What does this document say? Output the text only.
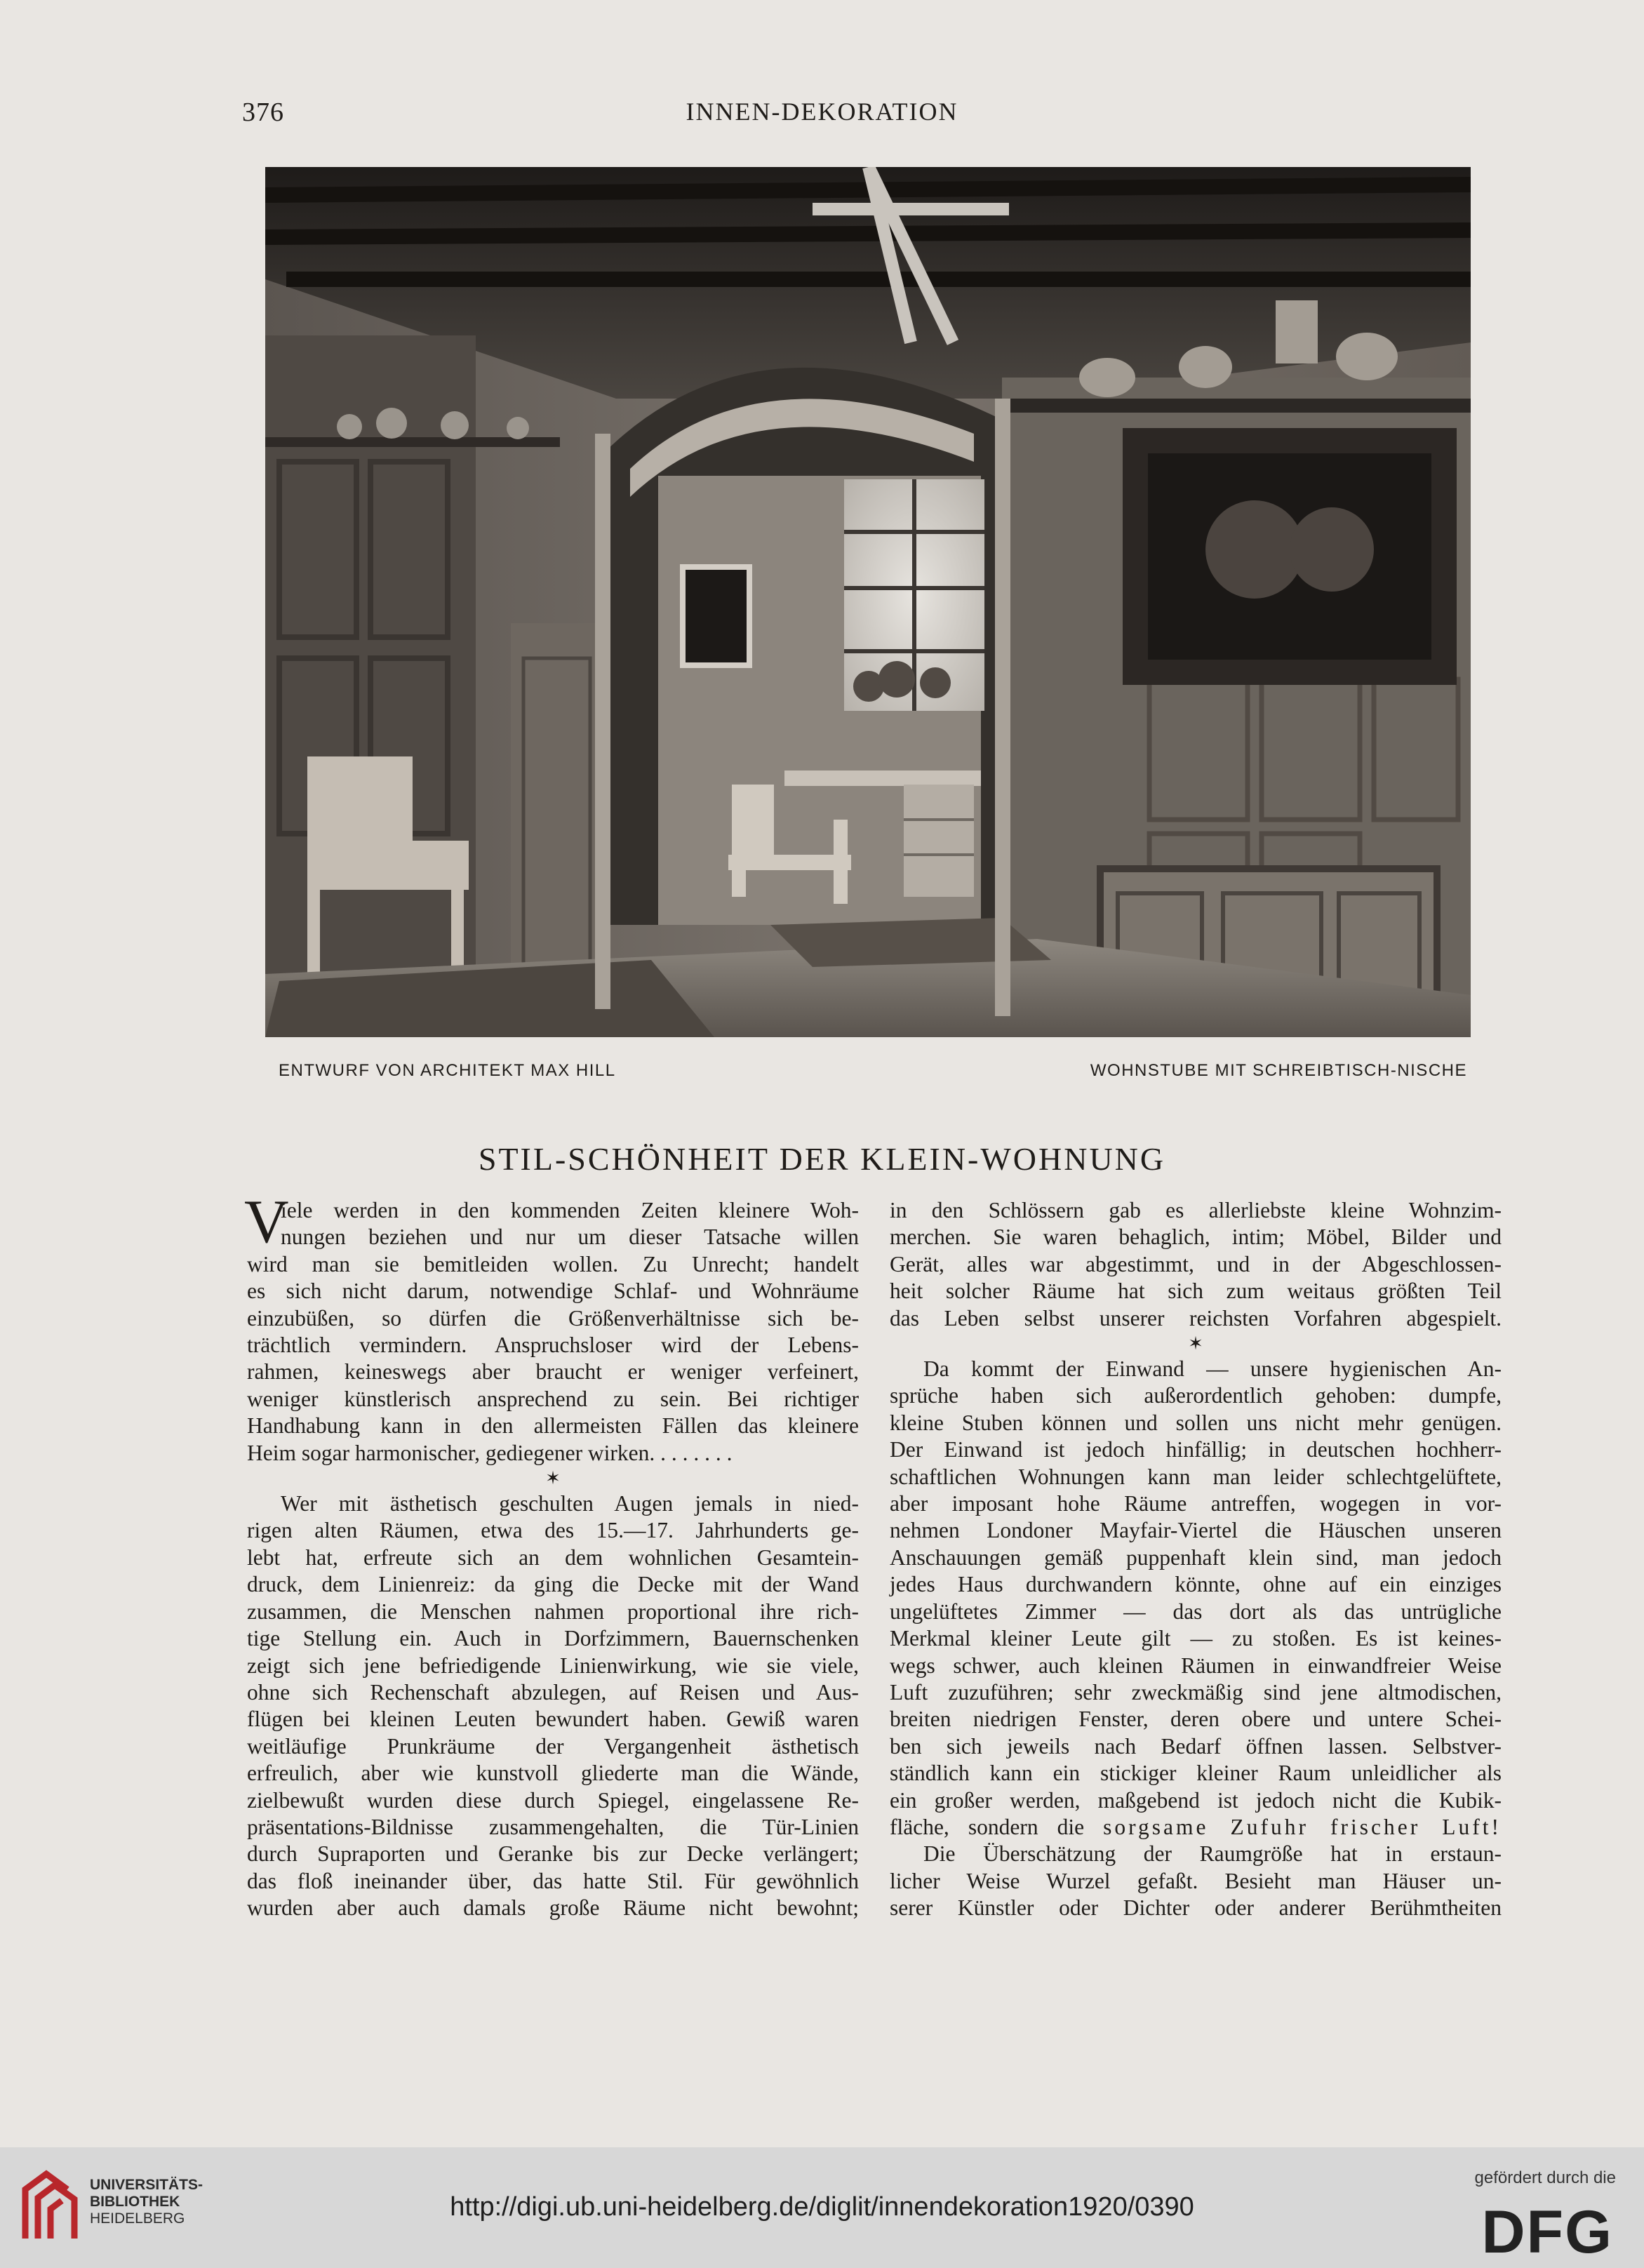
376	INNEN-DEKORATION
ENTWURF VON ARCHITEKT MAX HILL	WOHNSTUBE MIT SCHREIBTISCH-NISCHE
STIL-SCHÖNHEIT DER KLEIN-WOHNUNG
V
iele werden in den kommenden Zeiten kleinere Woh-
nungen beziehen und nur um dieser Tatsache willen
wird man sie bemitleiden wollen. Zu Unrecht; handelt
es sich nicht darum, notwendige Schlaf- und Wohnräume
einzubüßen, so dürfen die Größenverhältnisse sich be-
trächtlich vermindern. Anspruchsloser wird der Lebens-
rahmen, keineswegs aber braucht er weniger verfeinert,
weniger künstlerisch ansprechend zu sein. Bei richtiger
Handhabung kann in den allermeisten Fällen das kleinere
Heim sogar harmonischer, gediegener wirken. . . . . . . .
✶
Wer mit ästhetisch geschulten Augen jemals in nied-
rigen alten Räumen, etwa des 15.—17. Jahrhunderts ge-
lebt hat, erfreute sich an dem wohnlichen Gesamtein-
druck, dem Linienreiz: da ging die Decke mit der Wand
zusammen, die Menschen nahmen proportional ihre rich-
tige Stellung ein. Auch in Dorfzimmern, Bauernschenken
zeigt sich jene befriedigende Linienwirkung, wie sie viele,
ohne sich Rechenschaft abzulegen, auf Reisen und Aus-
flügen bei kleinen Leuten bewundert haben. Gewiß waren
weitläufige Prunkräume der Vergangenheit ästhetisch
erfreulich, aber wie kunstvoll gliederte man die Wände,
zielbewußt wurden diese durch Spiegel, eingelassene Re-
präsentations-Bildnisse zusammengehalten, die Tür-Linien
durch Supraporten und Geranke bis zur Decke verlängert;
das floß ineinander über, das hatte Stil. Für gewöhnlich
wurden aber auch damals große Räume nicht bewohnt;
in den Schlössern gab es allerliebste kleine Wohnzim-
merchen. Sie waren behaglich, intim; Möbel, Bilder und
Gerät, alles war abgestimmt, und in der Abgeschlossen-
heit solcher Räume hat sich zum weitaus größten Teil
das Leben selbst unserer reichsten Vorfahren abgespielt.
✶
Da kommt der Einwand — unsere hygienischen An-
sprüche haben sich außerordentlich gehoben: dumpfe,
kleine Stuben können und sollen uns nicht mehr genügen.
Der Einwand ist jedoch hinfällig; in deutschen hochherr-
schaftlichen Wohnungen kann man leider schlechtgelüftete,
aber imposant hohe Räume antreffen, wogegen in vor-
nehmen Londoner Mayfair-Viertel die Häuschen unseren
Anschauungen gemäß puppenhaft klein sind, man jedoch
jedes Haus durchwandern könnte, ohne auf ein einziges
ungelüftetes Zimmer — das dort als das untrügliche
Merkmal kleiner Leute gilt — zu stoßen. Es ist keines-
wegs schwer, auch kleinen Räumen in einwandfreier Weise
Luft zuzuführen; sehr zweckmäßig sind jene altmodischen,
breiten niedrigen Fenster, deren obere und untere Schei-
ben sich jeweils nach Bedarf öffnen lassen. Selbstver-
ständlich kann ein stickiger kleiner Raum unleidlicher als
ein großer werden, maßgebend ist jedoch nicht die Kubik-
fläche, sondern die sorgsame Zufuhr frischer Luft!
Die Überschätzung der Raumgröße hat in erstaun-
licher Weise Wurzel gefaßt. Besieht man Häuser un-
serer Künstler oder Dichter oder anderer Berühmtheiten
UNIVERSITÄTS-
BIBLIOTHEK
HEIDELBERG	http://digi.ub.uni-heidelberg.de/diglit/innendekoration1920/0390
gefördert durch die
DFG
